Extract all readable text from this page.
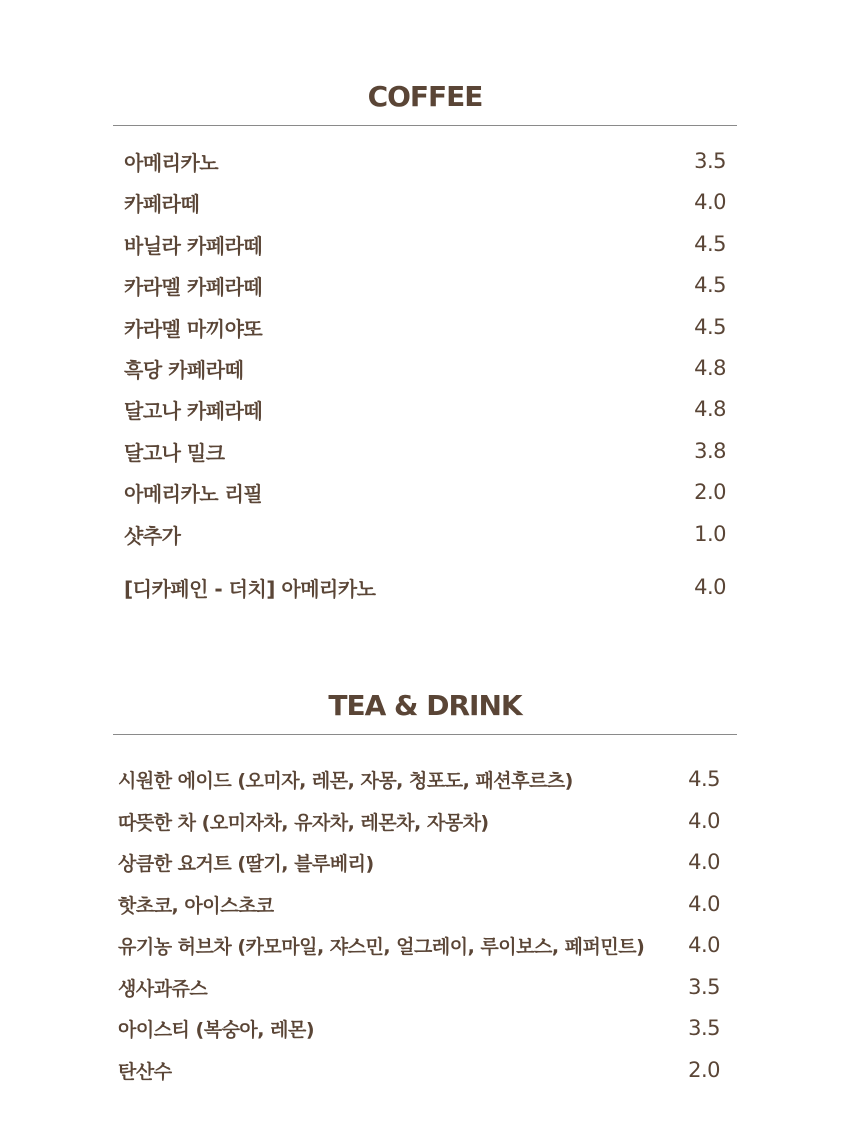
COFFEE
아메리카노	3.5
카페라떼	4.0
바닐라 카페라떼	4.5
카라멜 카페라떼	4.5
카라멜 마끼야또	4.5
흑당 카페라떼	4.8
달고나 카페라떼	4.8
달고나 밀크	3.8
아메리카노 리필	2.0
샷추가	1.0
[디카페인 - 더치] 아메리카노	4.0
TEA & DRINK
시원한 에이드 (오미자, 레몬, 자몽, 청포도, 패션후르츠)	4.5
따뜻한 차 (오미자차, 유자차, 레몬차, 자몽차)	4.0
상큼한 요거트 (딸기, 블루베리)	4.0
핫초코, 아이스초코	4.0
유기농 허브차 (카모마일, 쟈스민, 얼그레이, 루이보스, 페퍼민트) 4.0
생사과쥬스	3.5
아이스티 (복숭아, 레몬)	3.5
탄산수	2.0
